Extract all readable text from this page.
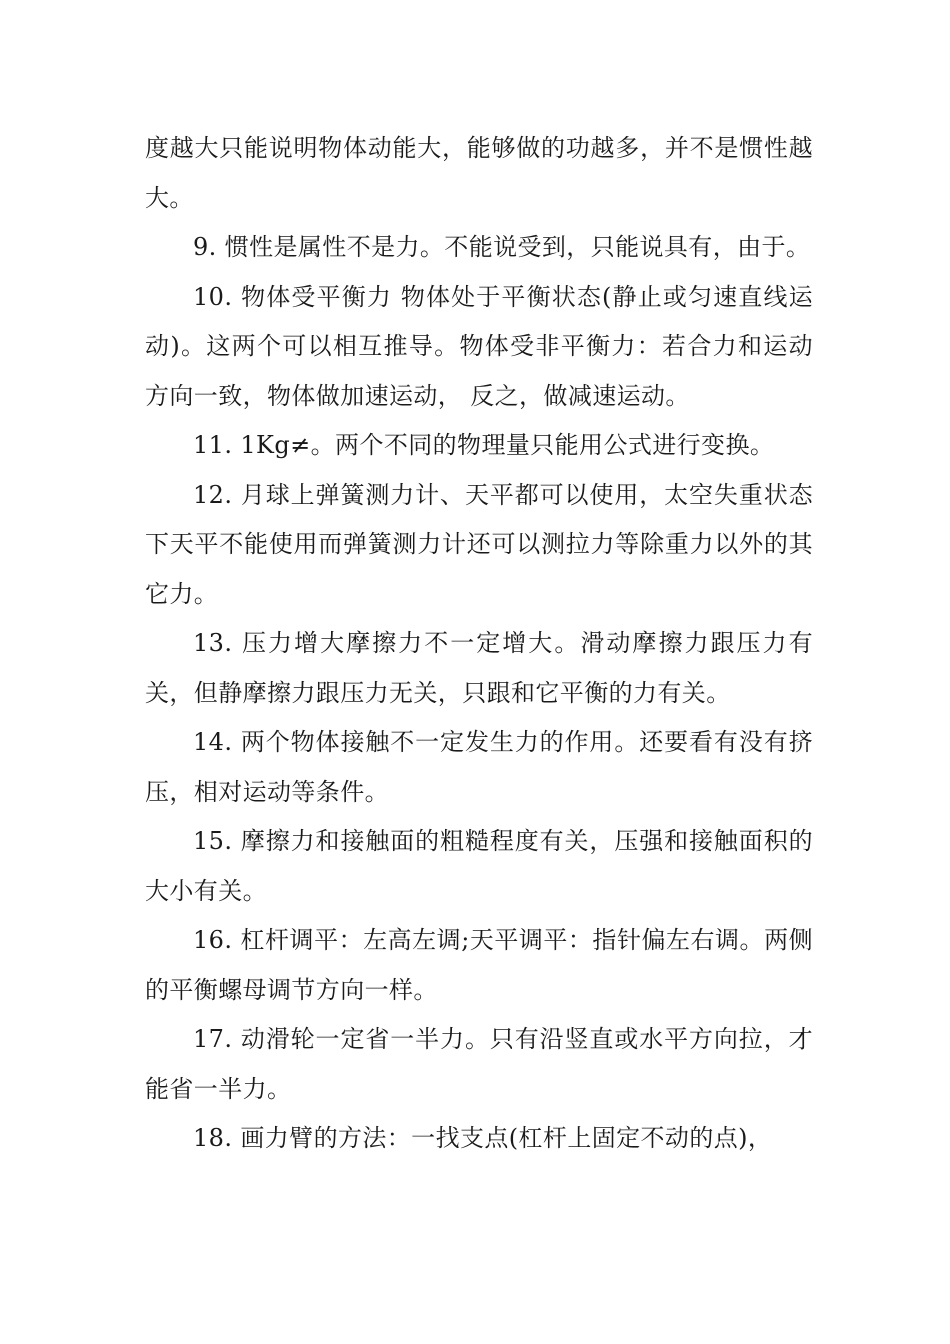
度越大只能说明物体动能大，能够做的功越多，并不是惯性越大。

9. 惯性是属性不是力。不能说受到，只能说具有，由于。

10. 物体受平衡力 物体处于平衡状态(静止或匀速直线运动)。这两个可以相互推导。物体受非平衡力：若合力和运动方向一致，物体做加速运动， 反之，做减速运动。

11. 1Kg≠。两个不同的物理量只能用公式进行变换。

12. 月球上弹簧测力计、天平都可以使用，太空失重状态下天平不能使用而弹簧测力计还可以测拉力等除重力以外的其它力。

13. 压力增大摩擦力不一定增大。滑动摩擦力跟压力有关，但静摩擦力跟压力无关，只跟和它平衡的力有关。

14. 两个物体接触不一定发生力的作用。还要看有没有挤压，相对运动等条件。

15. 摩擦力和接触面的粗糙程度有关，压强和接触面积的大小有关。

16. 杠杆调平：左高左调;天平调平：指针偏左右调。两侧的平衡螺母调节方向一样。

17. 动滑轮一定省一半力。只有沿竖直或水平方向拉，才能省一半力。

18. 画力臂的方法：一找支点(杠杆上固定不动的点)，
